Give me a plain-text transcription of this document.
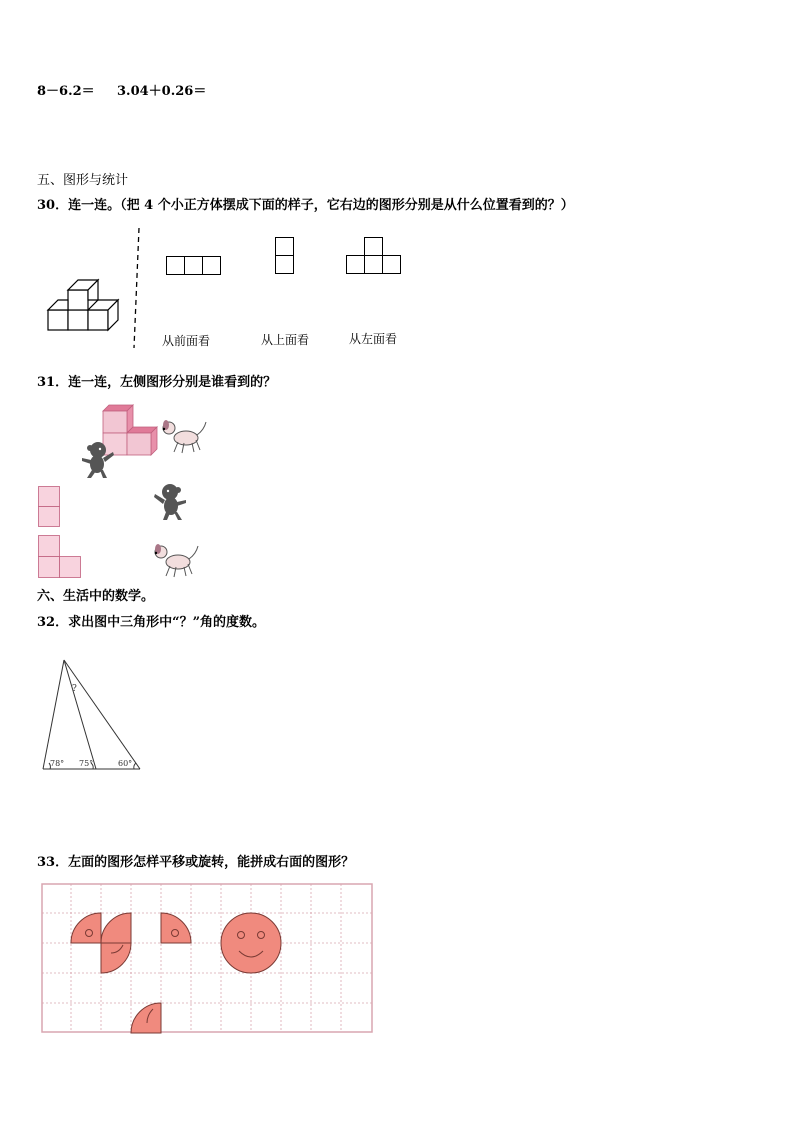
8－6.2＝ 3.04＋0.26＝
五、图形与统计
30．连一连。（把 4 个小正方体摆成下面的样子，它右边的图形分别是从什么位置看到的？）
从前面看	从上面看	从左面看
31．连一连，左侧图形分别是谁看到的？
六、生活中的数学。
32．求出图中三角形中“？”角的度数。
?
78° 75°	60°
33．左面的图形怎样平移或旋转，能拼成右面的图形？
